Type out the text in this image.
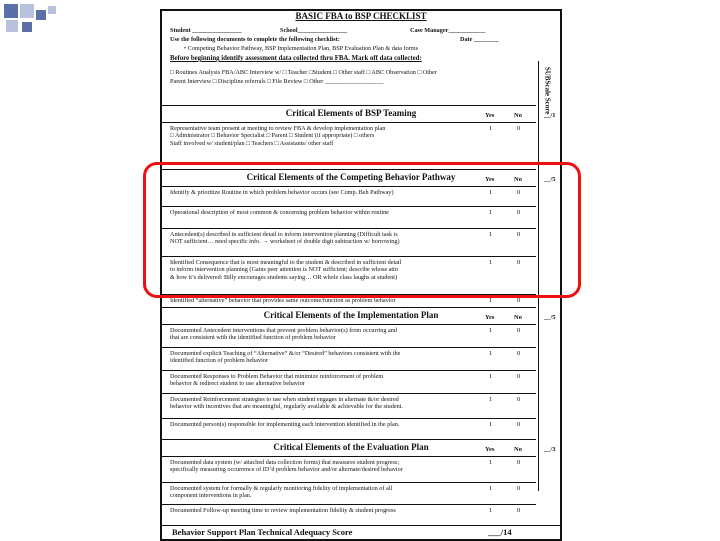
BASIC FBA to BSP CHECKLIST
Student ________________	School________________	Case Manager____________
Use the following documents to complete the following checklist:	Date ________
• Competing Behavior Pathway, BSP Implementation Plan, BSP Evaluation Plan & data forms
Before beginning identify assessment data collected thru FBA. Mark off data collected:
□ Routines Analysis FBA/ABC Interview w/ □ Teacher □Student □ Other staff □ ABC Observation □ Other
Parent Interview □ Discipline referrals □ File Review □ Other ___________________	SUBScale Score
Critical Elements of BSP Teaming	Yes	No	__/1
Representative team present at meeting to review FBA & develop implementation plan
□ Administrator □ Behavior Specialist □ Parent □ Student (if appropriate) □ others
Staff involved w/ student/plan □ Teachers □ Assistants/ other staff
1	0
Critical Elements of the Competing Behavior Pathway	Yes	No	__/5
Identify & prioritize Routine in which problem behavior occurs (see Comp. Beh Pathway)	1	0
Operational description of most common & concerning problem behavior within routine	1	0
Antecedent(s) described in sufficient detail to inform intervention planning (Difficult task is
NOT sufficient… need specific info. → worksheet of double digit subtraction w/ borrowing)
1	0
Identified Consequence that is most meaningful to the student & described in sufficient detail
to inform intervention planning (Gains peer attention is NOT sufficient; describe whose attn
& how it’s delivered: Billy encourages students saying… OR whole class laughs at student)
1	0
Identified “alternative” behavior that provides same outcome/function as problem behavior	1	0
Critical Elements of the Implementation Plan	Yes	No	__/5
Documented Antecedent interventions that prevent problem behavior(s) from occurring and
that are consistent with the identified function of problem behavior
1	0
Documented explicit Teaching of “Alternative” &/or “Desired” behaviors consistent with the
identified function of problem behavior
1	0
Documented Responses to Problem Behavior that minimize reinforcement of problem
behavior & redirect student to use alternative behavior
1	0
Documented Reinforcement strategies to use when student engages in alternate &/or desired
behavior with incentives that are meaningful, regularly available & achievable for the student.
1	0
Documented person(s) responsible for implementing each intervention identified in the plan.	1	0
Critical Elements of the Evaluation Plan	Yes	No	__/3
Documented data system (w/ attached data collection forms) that measures student progress;
specifically measuring occurrence of ID’d problem behavior and/or alternate/desired behavior
1	0
Documented system for formally & regularly monitoring fidelity of implementation of all
component interventions in plan.
1	0
Documented Follow-up meeting time to review implementation fidelity & student progress	1	0
Behavior Support Plan Technical Adequacy Score	___/14
